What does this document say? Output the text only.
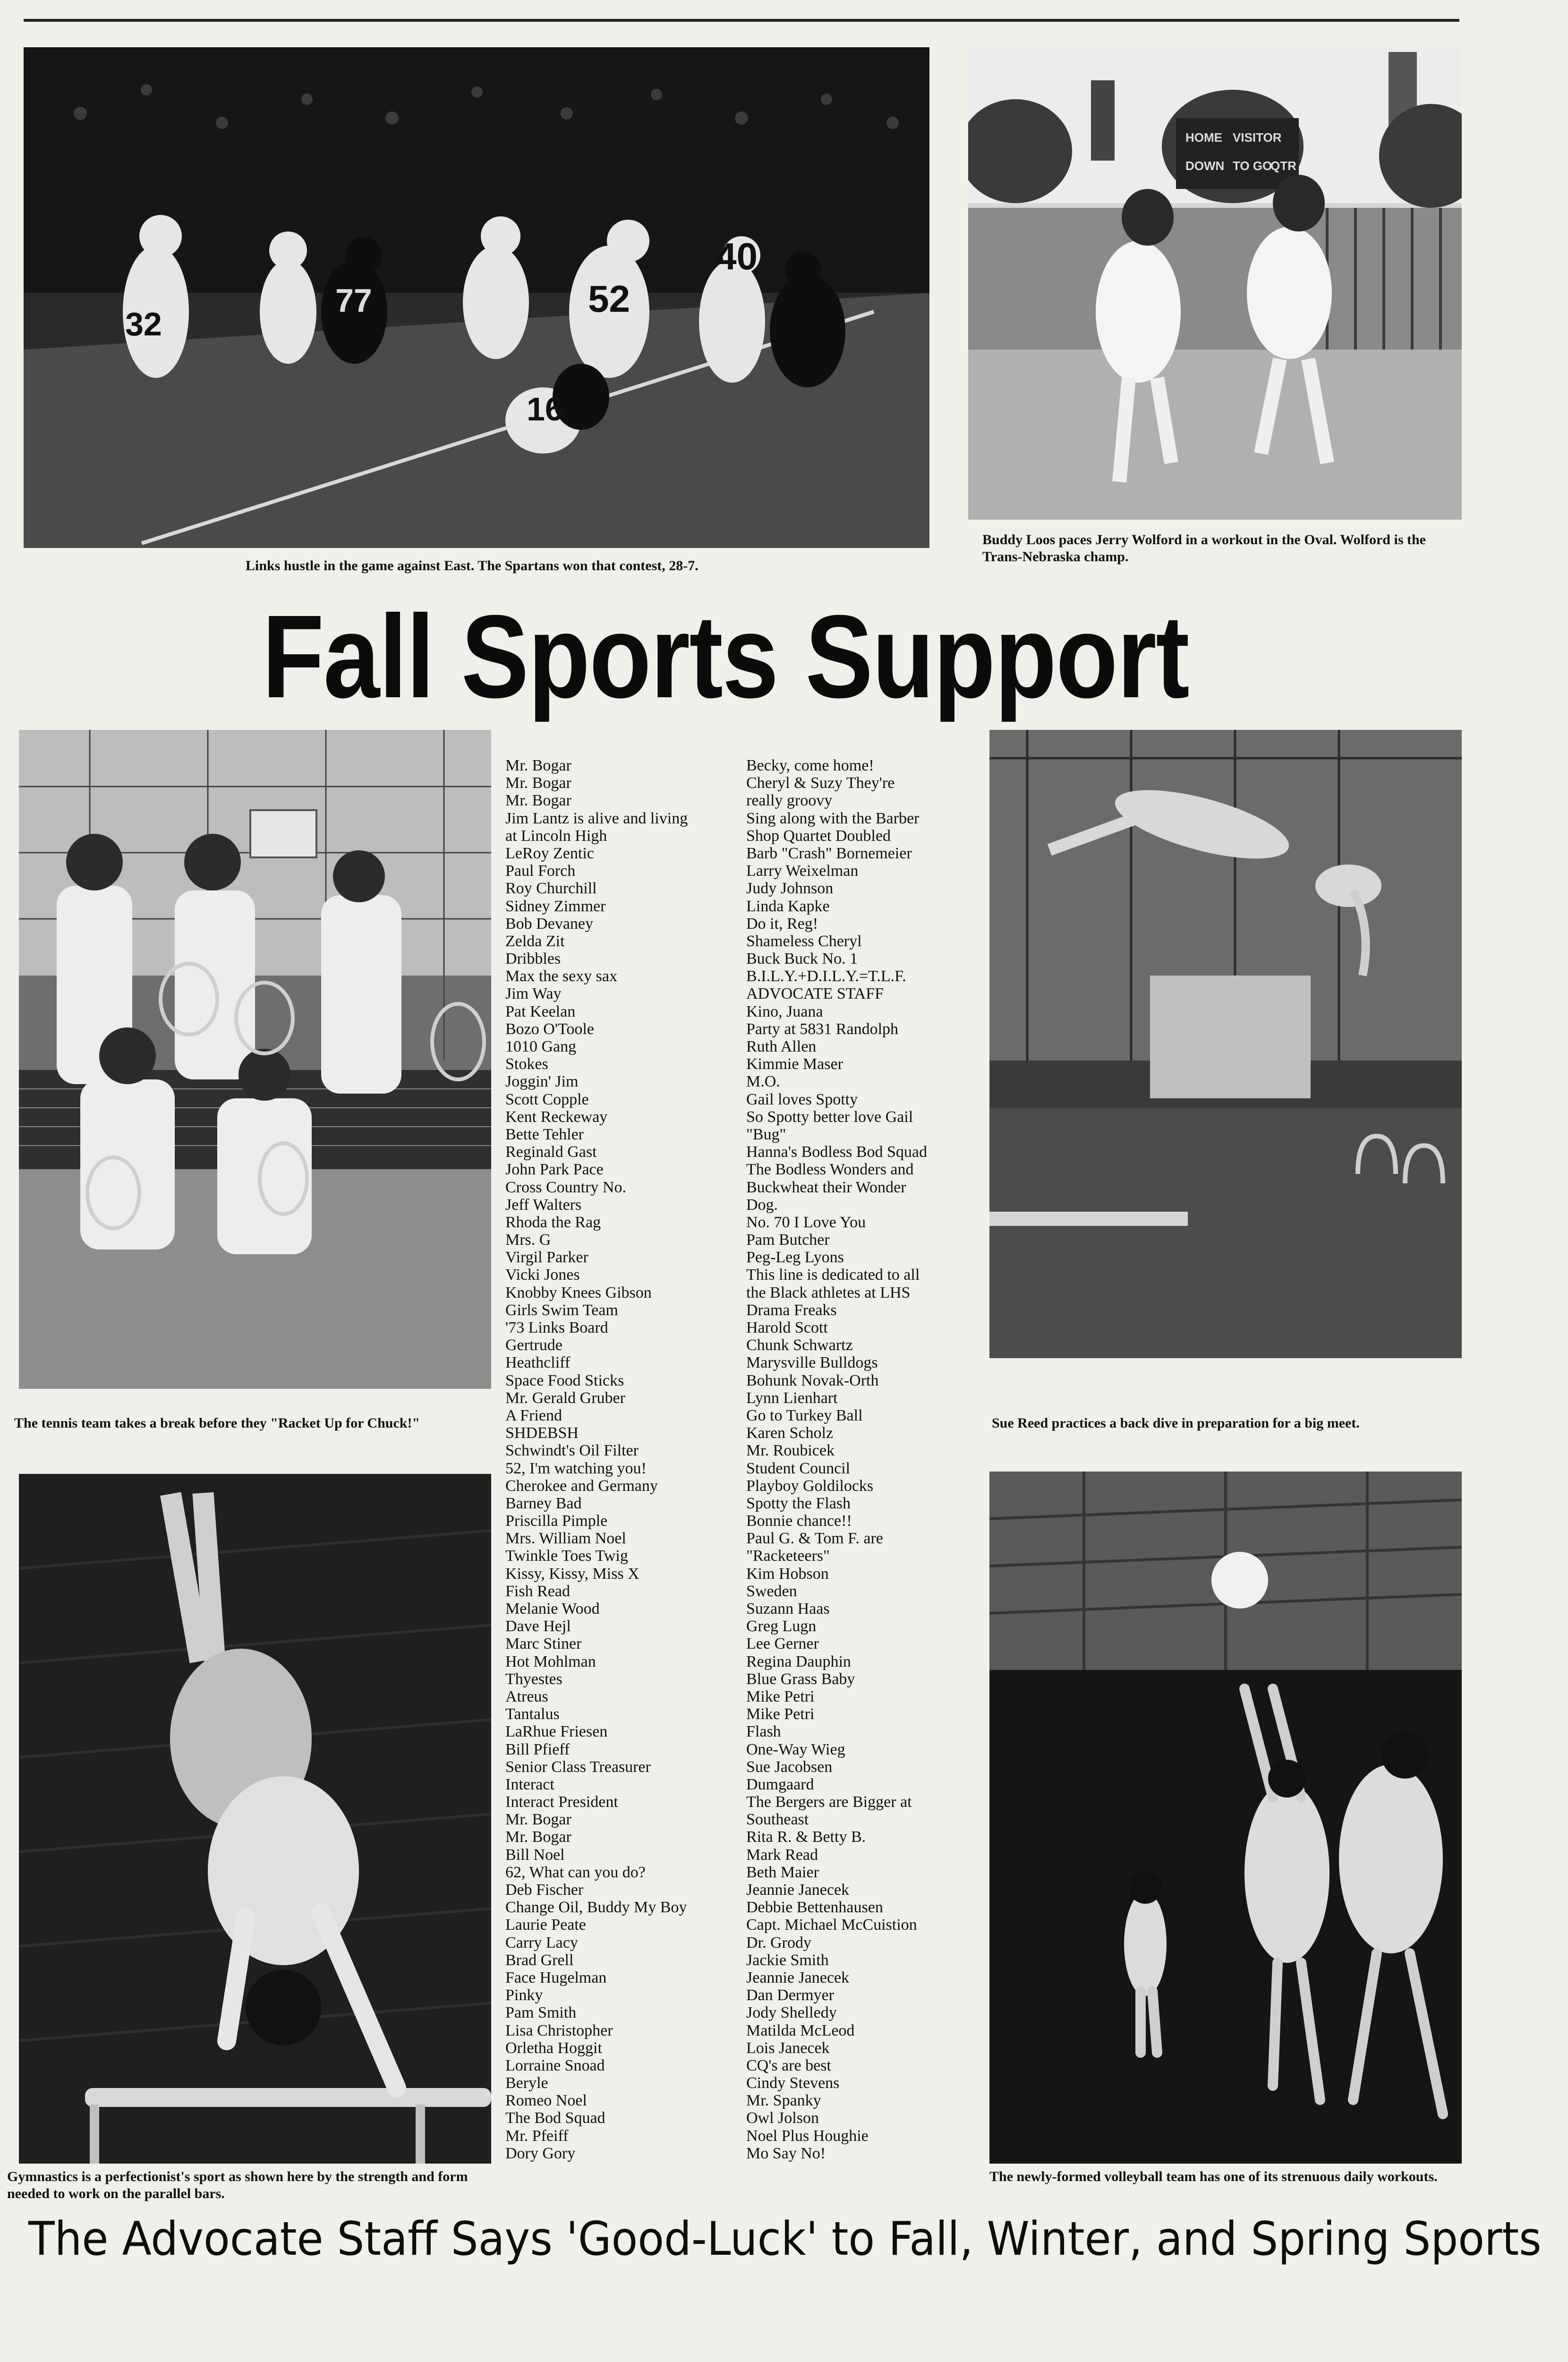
40
52
16
32
77
Links hustle in the game against East. The Spartans won that contest, 28-7.
HOME VISITOR
DOWN TO GO
QTR
Buddy Loos paces Jerry Wolford in a workout in the Oval. Wolford is the Trans-Nebraska champ.
Fall Sports Support
The tennis team takes a break before they "Racket Up for Chuck!"
Mr. Bogar
Mr. Bogar
Mr. Bogar
Jim Lantz is alive and living
at Lincoln High
LeRoy Zentic
Paul Forch
Roy Churchill
Sidney Zimmer
Bob Devaney
Zelda Zit
Dribbles
Max the sexy sax
Jim Way
Pat Keelan
Bozo O'Toole
1010 Gang
Stokes
Joggin' Jim
Scott Copple
Kent Reckeway
Bette Tehler
Reginald Gast
John Park Pace
Cross Country No.
Jeff Walters
Rhoda the Rag
Mrs. G
Virgil Parker
Vicki Jones
Knobby Knees Gibson
Girls Swim Team
'73 Links Board
Gertrude
Heathcliff
Space Food Sticks
Mr. Gerald Gruber
A Friend
SHDEBSH
Schwindt's Oil Filter
52, I'm watching you!
Cherokee and Germany
Barney Bad
Priscilla Pimple
Mrs. William Noel
Twinkle Toes Twig
Kissy, Kissy, Miss X
Fish Read
Melanie Wood
Dave Hejl
Marc Stiner
Hot Mohlman
Thyestes
Atreus
Tantalus
LaRhue Friesen
Bill Pfieff
Senior Class Treasurer
Interact
Interact President
Mr. Bogar
Mr. Bogar
Bill Noel
62, What can you do?
Deb Fischer
Change Oil, Buddy My Boy
Laurie Peate
Carry Lacy
Brad Grell
Face Hugelman
Pinky
Pam Smith
Lisa Christopher
Orletha Hoggit
Lorraine Snoad
Beryle
Romeo Noel
The Bod Squad
Mr. Pfeiff
Dory Gory
Becky, come home!
Cheryl & Suzy They're
really groovy
Sing along with the Barber
Shop Quartet Doubled
Barb "Crash" Bornemeier
Larry Weixelman
Judy Johnson
Linda Kapke
Do it, Reg!
Shameless Cheryl
Buck Buck No. 1
B.I.L.Y.+D.I.L.Y.=T.L.F.
ADVOCATE STAFF
Kino, Juana
Party at 5831 Randolph
Ruth Allen
Kimmie Maser
M.O.
Gail loves Spotty
So Spotty better love Gail
"Bug"
Hanna's Bodless Bod Squad
The Bodless Wonders and
Buckwheat their Wonder
Dog.
No. 70 I Love You
Pam Butcher
Peg-Leg Lyons
This line is dedicated to all
the Black athletes at LHS
Drama Freaks
Harold Scott
Chunk Schwartz
Marysville Bulldogs
Bohunk Novak-Orth
Lynn Lienhart
Go to Turkey Ball
Karen Scholz
Mr. Roubicek
Student Council
Playboy Goldilocks
Spotty the Flash
Bonnie chance!!
Paul G. & Tom F. are
"Racketeers"
Kim Hobson
Sweden
Suzann Haas
Greg Lugn
Lee Gerner
Regina Dauphin
Blue Grass Baby
Mike Petri
Mike Petri
Flash
One-Way Wieg
Sue Jacobsen
Dumgaard
The Bergers are Bigger at
Southeast
Rita R. & Betty B.
Mark Read
Beth Maier
Jeannie Janecek
Debbie Bettenhausen
Capt. Michael McCuistion
Dr. Grody
Jackie Smith
Jeannie Janecek
Dan Dermyer
Jody Shelledy
Matilda McLeod
Lois Janecek
CQ's are best
Cindy Stevens
Mr. Spanky
Owl Jolson
Noel Plus Houghie
Mo Say No!
Sue Reed practices a back dive in preparation for a big meet.
Gymnastics is a perfectionist's sport as shown here by the strength and form needed to work on the parallel bars.
The newly-formed volleyball team has one of its strenuous daily workouts.
The Advocate Staff Says 'Good-Luck' to Fall, Winter, and Spring Sports
